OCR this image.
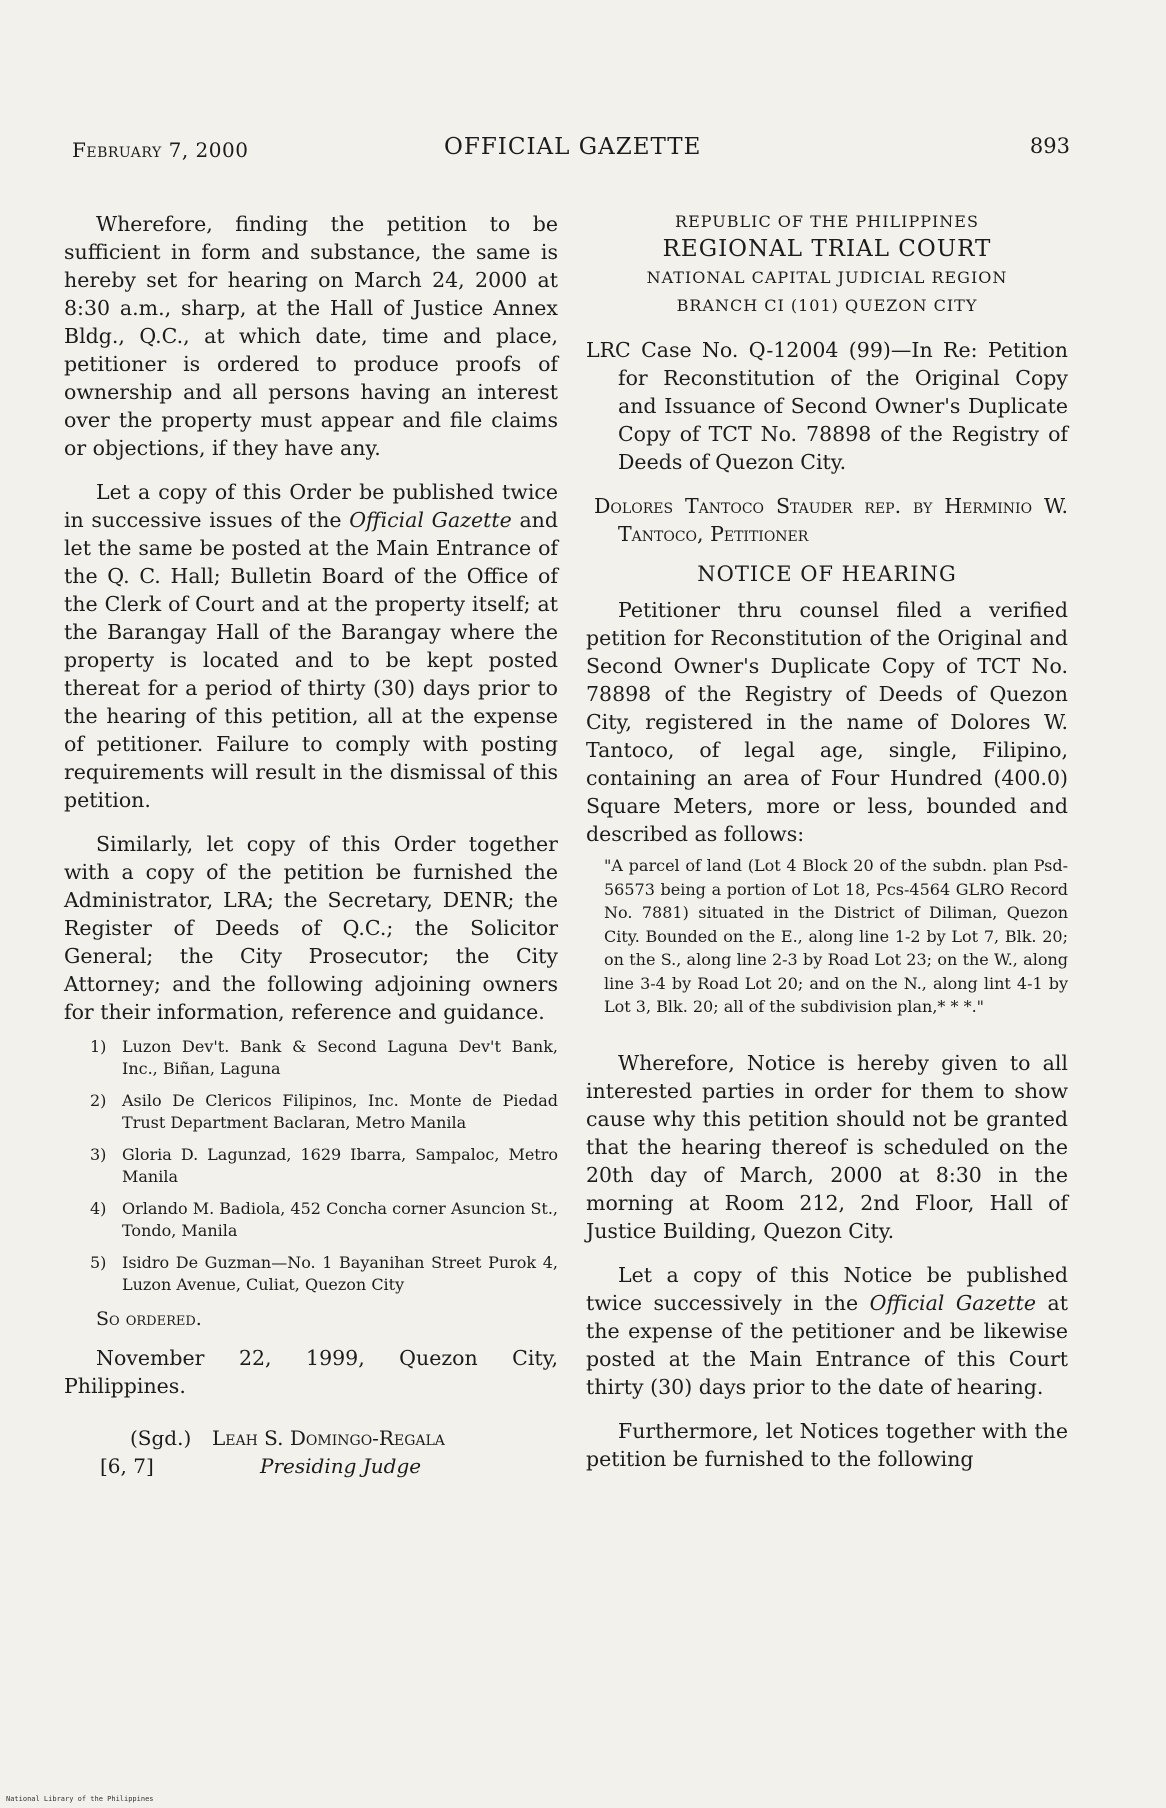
February 7, 2000	OFFICIAL GAZETTE	893

Wherefore, finding the petition to be sufficient in form and substance, the same is hereby set for hearing on March 24, 2000 at 8:30 a.m., sharp, at the Hall of Justice Annex Bldg., Q.C., at which date, time and place, petitioner is ordered to produce proofs of ownership and all persons having an interest over the property must appear and file claims or objections, if they have any.

Let a copy of this Order be published twice in successive issues of the Official Gazette and let the same be posted at the Main Entrance of the Q. C. Hall; Bulletin Board of the Office of the Clerk of Court and at the property itself; at the Barangay Hall of the Barangay where the property is located and to be kept posted thereat for a period of thirty (30) days prior to the hearing of this petition, all at the expense of petitioner. Failure to comply with posting requirements will result in the dismissal of this petition.

Similarly, let copy of this Order together with a copy of the petition be furnished the Administrator, LRA; the Secretary, DENR; the Register of Deeds of Q.C.; the Solicitor General; the City Prosecutor; the City Attorney; and the following adjoining owners for their information, reference and guidance.

1) Luzon Dev't. Bank & Second Laguna Dev't Bank, Inc., Biñan, Laguna
2) Asilo De Clericos Filipinos, Inc. Monte de Piedad Trust Department Baclaran, Metro Manila
3) Gloria D. Lagunzad, 1629 Ibarra, Sampaloc, Metro Manila
4) Orlando M. Badiola, 452 Concha corner Asuncion St., Tondo, Manila
5) Isidro De Guzman—No. 1 Bayanihan Street Purok 4, Luzon Avenue, Culiat, Quezon City
So ordered.

November 22, 1999, Quezon City, Philippines.

(Sgd.) Leah S. Domingo-Regala
[6, 7]	Presiding Judge
REPUBLIC OF THE PHILIPPINES
REGIONAL TRIAL COURT
NATIONAL CAPITAL JUDICIAL REGION
BRANCH CI (101) QUEZON CITY

LRC Case No. Q-12004 (99)—In Re: Petition for Reconstitution of the Original Copy and Issuance of Second Owner's Duplicate Copy of TCT No. 78898 of the Registry of Deeds of Quezon City.

Dolores Tantoco Stauder rep. by Herminio W. Tantoco, Petitioner

NOTICE OF HEARING

Petitioner thru counsel filed a verified petition for Reconstitution of the Original and Second Owner's Duplicate Copy of TCT No. 78898 of the Registry of Deeds of Quezon City, registered in the name of Dolores W. Tantoco, of legal age, single, Filipino, containing an area of Four Hundred (400.0) Square Meters, more or less, bounded and described as follows:

"A parcel of land (Lot 4 Block 20 of the subdn. plan Psd-56573 being a portion of Lot 18, Pcs-4564 GLRO Record No. 7881) situated in the District of Diliman, Quezon City. Bounded on the E., along line 1-2 by Lot 7, Blk. 20; on the S., along line 2-3 by Road Lot 23; on the W., along line 3-4 by Road Lot 20; and on the N., along lint 4-1 by Lot 3, Blk. 20; all of the subdivision plan,* * *."

Wherefore, Notice is hereby given to all interested parties in order for them to show cause why this petition should not be granted that the hearing thereof is scheduled on the 20th day of March, 2000 at 8:30 in the morning at Room 212, 2nd Floor, Hall of Justice Building, Quezon City.

Let a copy of this Notice be published twice successively in the Official Gazette at the expense of the petitioner and be likewise posted at the Main Entrance of this Court thirty (30) days prior to the date of hearing.

Furthermore, let Notices together with the petition be furnished to the following

National Library of the Philippines
